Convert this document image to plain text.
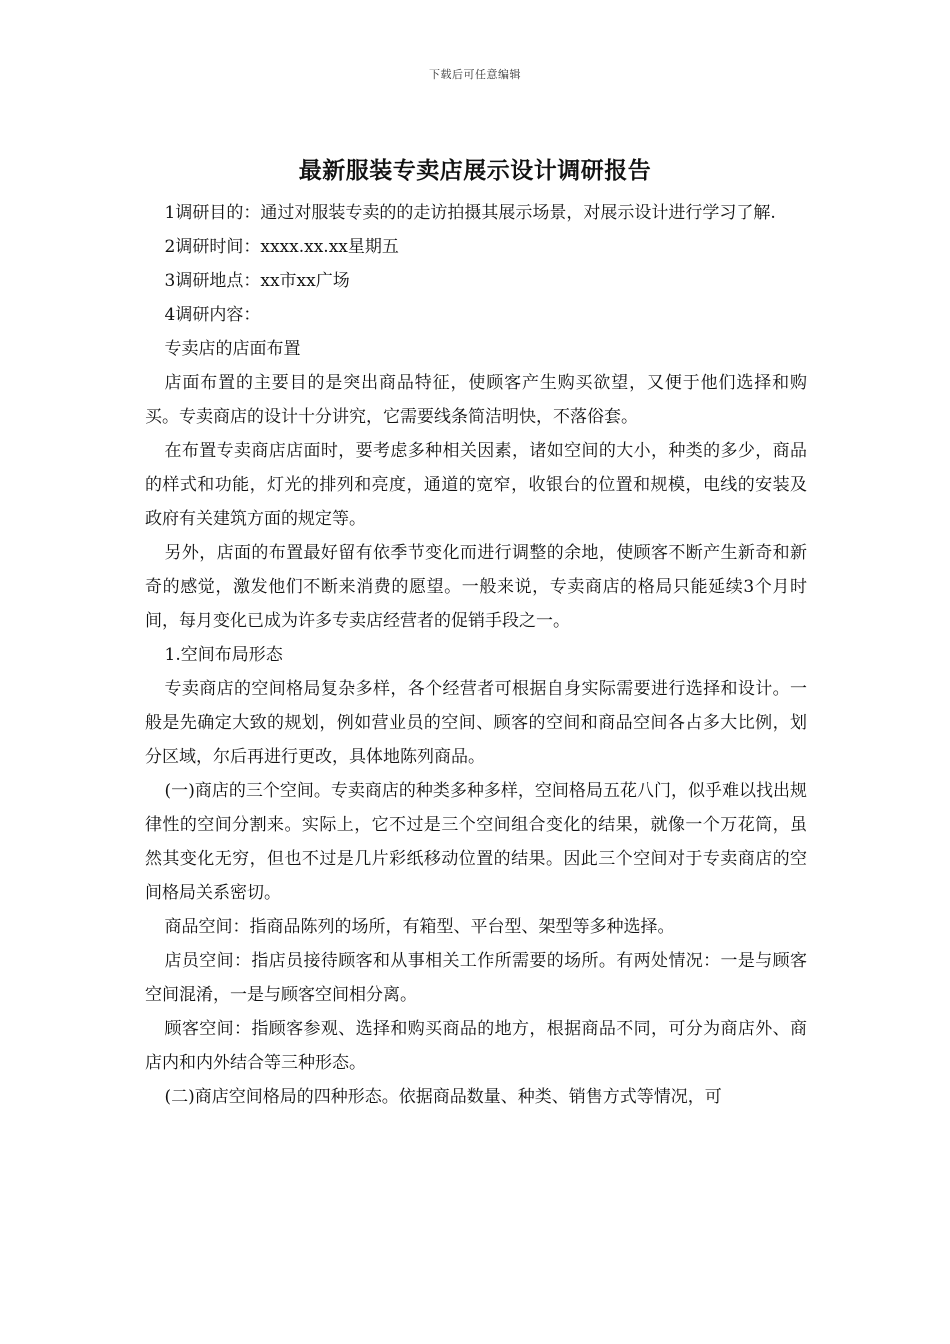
下载后可任意编辑
最新服装专卖店展示设计调研报告

1调研目的：通过对服装专卖的的走访拍摄其展示场景，对展示设计进行学习了解.

2调研时间：xxxx.xx.xx星期五

3调研地点：xx市xx广场

4调研内容：

专卖店的店面布置

店面布置的主要目的是突出商品特征，使顾客产生购买欲望，又便于他们选择和购买。专卖商店的设计十分讲究，它需要线条简洁明快，不落俗套。

在布置专卖商店店面时，要考虑多种相关因素，诸如空间的大小，种类的多少，商品的样式和功能，灯光的排列和亮度，通道的宽窄，收银台的位置和规模，电线的安装及政府有关建筑方面的规定等。

另外，店面的布置最好留有依季节变化而进行调整的余地，使顾客不断产生新奇和新奇的感觉，激发他们不断来消费的愿望。一般来说，专卖商店的格局只能延续3个月时间，每月变化已成为许多专卖店经营者的促销手段之一。

1.空间布局形态

专卖商店的空间格局复杂多样，各个经营者可根据自身实际需要进行选择和设计。一般是先确定大致的规划，例如营业员的空间、顾客的空间和商品空间各占多大比例，划分区域，尔后再进行更改，具体地陈列商品。

(一)商店的三个空间。专卖商店的种类多种多样，空间格局五花八门，似乎难以找出规律性的空间分割来。实际上，它不过是三个空间组合变化的结果，就像一个万花筒，虽然其变化无穷，但也不过是几片彩纸移动位置的结果。因此三个空间对于专卖商店的空间格局关系密切。

商品空间：指商品陈列的场所，有箱型、平台型、架型等多种选择。

店员空间：指店员接待顾客和从事相关工作所需要的场所。有两处情况：一是与顾客空间混淆，一是与顾客空间相分离。

顾客空间：指顾客参观、选择和购买商品的地方，根据商品不同，可分为商店外、商店内和内外结合等三种形态。

(二)商店空间格局的四种形态。依据商品数量、种类、销售方式等情况，可
